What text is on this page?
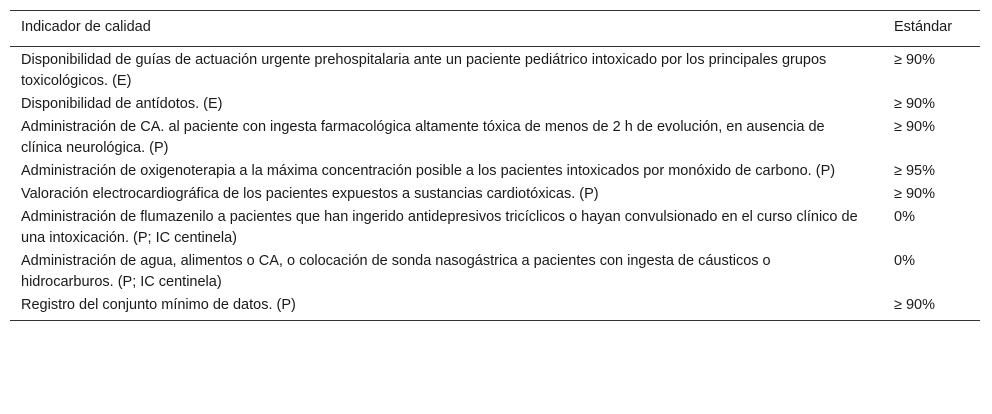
Indicador de calidad	Estándar
Disponibilidad de guías de actuación urgente prehospitalaria ante un paciente pediátrico intoxicado por los principales grupos toxicológicos. (E)	≥ 90%
Disponibilidad de antídotos. (E)	≥ 90%
Administración de CA. al paciente con ingesta farmacológica altamente tóxica de menos de 2 h de evolución, en ausencia de clínica neurológica. (P)	≥ 90%
Administración de oxigenoterapia a la máxima concentración posible a los pacientes intoxicados por monóxido de carbono. (P)	≥ 95%
Valoración electrocardiográfica de los pacientes expuestos a sustancias cardiotóxicas. (P)	≥ 90%
Administración de flumazenilo a pacientes que han ingerido antidepresivos tricíclicos o hayan convulsionado en el curso clínico de una intoxicación. (P; IC centinela)	0%
Administración de agua, alimentos o CA, o colocación de sonda nasogástrica a pacientes con ingesta de cáusticos o hidrocarburos. (P; IC centinela)	0%
Registro del conjunto mínimo de datos. (P)	≥ 90%
